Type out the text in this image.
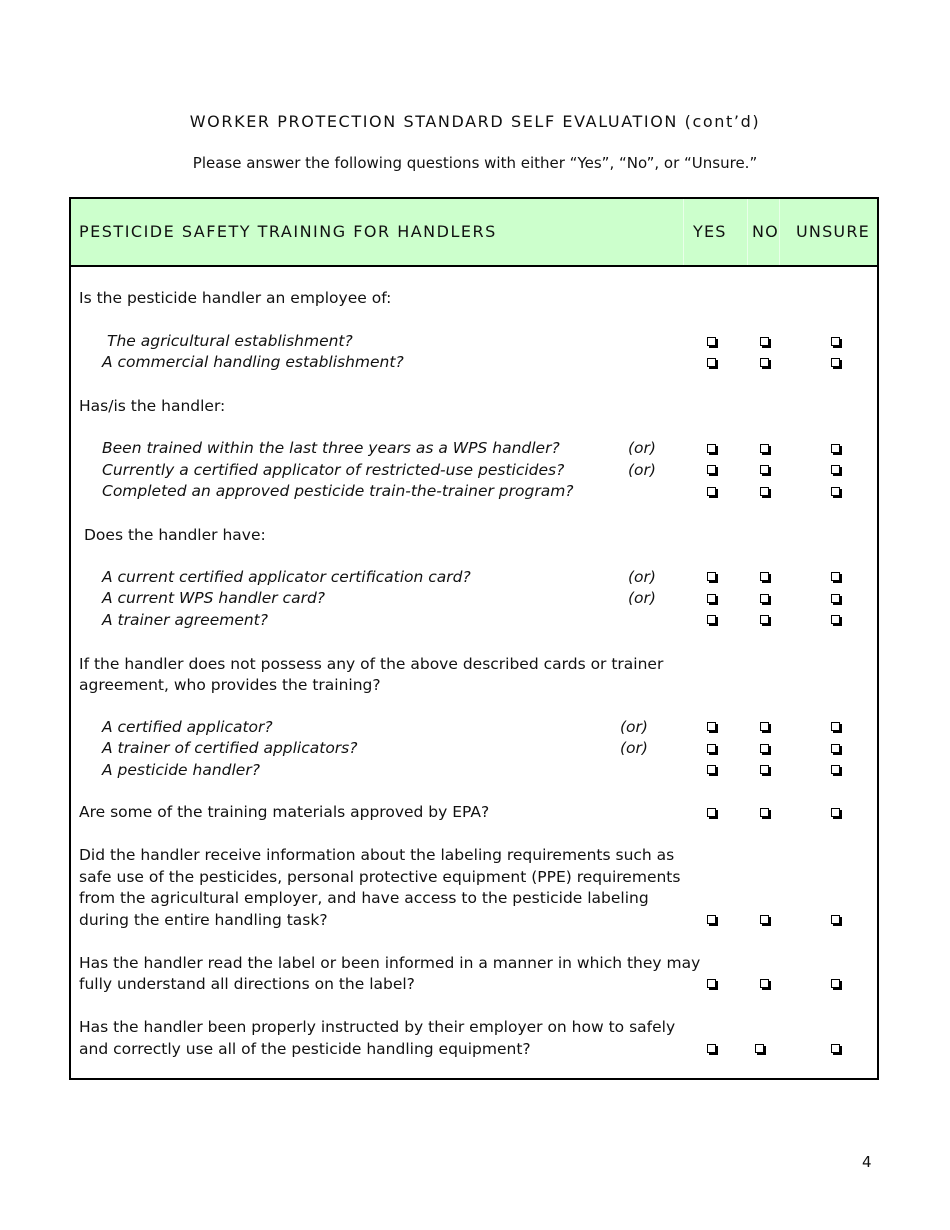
WORKER PROTECTION STANDARD SELF EVALUATION (cont’d)
Please answer the following questions with either “Yes”, “No”, or “Unsure.”
PESTICIDE SAFETY TRAINING FOR HANDLERS	YES NO UNSURE
Is the pesticide handler an employee of:
The agricultural establishment?
A commercial handling establishment?
Has/is the handler:
Been trained within the last three years as a WPS handler?
Currently a certified applicator of restricted-use pesticides?
Completed an approved pesticide train-the-trainer program?
(or)
(or)
Does the handler have:
A current certified applicator certification card?
A current WPS handler card?
A trainer agreement?
(or)
(or)
If the handler does not possess any of the above described cards or trainer
agreement, who provides the training?
A certified applicator?
A trainer of certified applicators?
A pesticide handler?
(or)
(or)
Are some of the training materials approved by EPA?
Did the handler receive information about the labeling requirements such as
safe use of the pesticides, personal protective equipment (PPE) requirements
from the agricultural employer, and have access to the pesticide labeling
during the entire handling task?
Has the handler read the label or been informed in a manner in which they may
fully understand all directions on the label?
Has the handler been properly instructed by their employer on how to safely
and correctly use all of the pesticide handling equipment?
4
